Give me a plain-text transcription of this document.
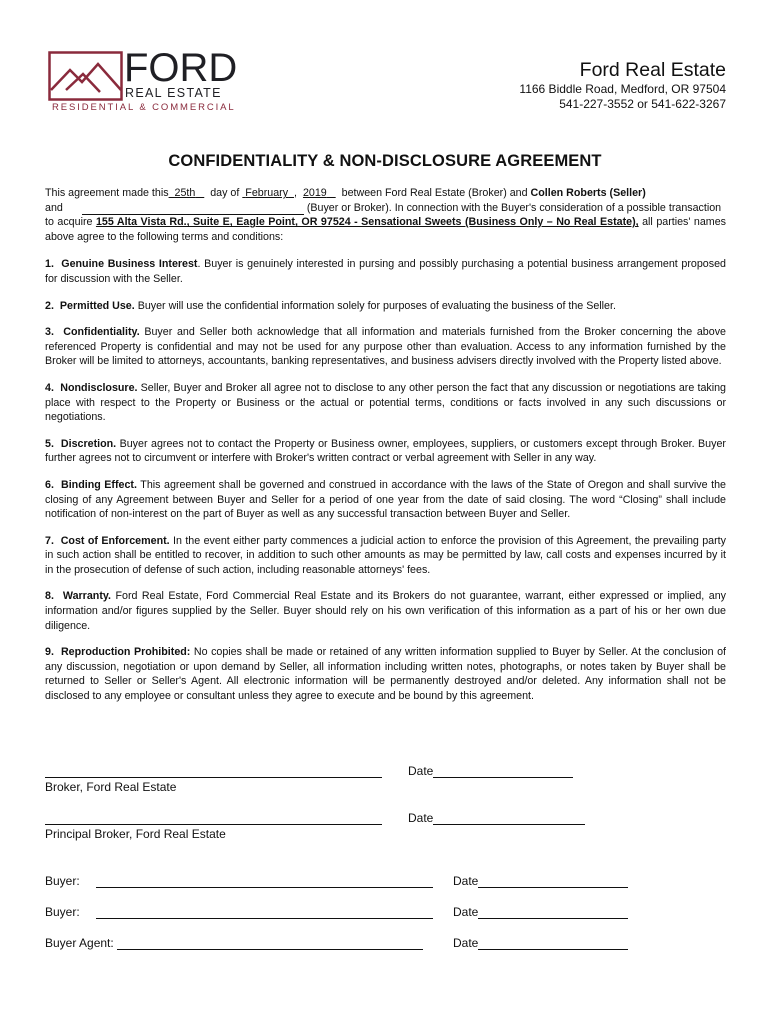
FORD
REAL ESTATE
RESIDENTIAL & COMMERCIAL
Ford Real Estate
1166 Biddle Road, Medford, OR 97504
541-227-3552 or 541-622-3267
CONFIDENTIALITY & NON-DISCLOSURE AGREEMENT

This agreement made this 25th day of February , 2019 between Ford Real Estate (Broker) and Collen Roberts (Seller)

and	(Buyer or Broker). In connection with the Buyer's consideration of a possible transaction

to acquire 155 Alta Vista Rd., Suite E, Eagle Point, OR 97524 - Sensational Sweets (Business Only – No Real Estate), all parties' names above agree to the following terms and conditions:

1. Genuine Business Interest. Buyer is genuinely interested in pursing and possibly purchasing a potential business arrangement proposed for discussion with the Seller.

2. Permitted Use. Buyer will use the confidential information solely for purposes of evaluating the business of the Seller.

3. Confidentiality. Buyer and Seller both acknowledge that all information and materials furnished from the Broker concerning the above referenced Property is confidential and may not be used for any purpose other than evaluation. Access to any information furnished by the Broker will be limited to attorneys, accountants, banking representatives, and business advisers directly involved with the Property listed above.

4. Nondisclosure. Seller, Buyer and Broker all agree not to disclose to any other person the fact that any discussion or negotiations are taking place with respect to the Property or Business or the actual or potential terms, conditions or facts involved in any such discussions or negotiations.

5. Discretion. Buyer agrees not to contact the Property or Business owner, employees, suppliers, or customers except through Broker. Buyer further agrees not to circumvent or interfere with Broker's written contract or verbal agreement with Seller in any way.

6. Binding Effect. This agreement shall be governed and construed in accordance with the laws of the State of Oregon and shall survive the closing of any Agreement between Buyer and Seller for a period of one year from the date of said closing. The word “Closing” shall include notification of non-interest on the part of Buyer as well as any successful transaction between Buyer and Seller.

7. Cost of Enforcement. In the event either party commences a judicial action to enforce the provision of this Agreement, the prevailing party in such action shall be entitled to recover, in addition to such other amounts as may be permitted by law, call costs and expenses incurred by it in the prosecution of defense of such action, including reasonable attorneys' fees.

8. Warranty. Ford Real Estate, Ford Commercial Real Estate and its Brokers do not guarantee, warrant, either expressed or implied, any information and/or figures supplied by the Seller. Buyer should rely on his own verification of this information as a part of his or her own due diligence.

9. Reproduction Prohibited: No copies shall be made or retained of any written information supplied to Buyer by Seller. At the conclusion of any discussion, negotiation or upon demand by Seller, all information including written notes, photographs, or notes taken by Buyer shall be returned to Seller or Seller's Agent. All electronic information will be permanently destroyed and/or deleted. Any information shall not be disclosed to any employee or consultant unless they agree to execute and be bound by this agreement.

Date
Broker, Ford Real Estate
Date
Principal Broker, Ford Real Estate
Buyer:	Date
Buyer:	Date
Buyer Agent:	Date
